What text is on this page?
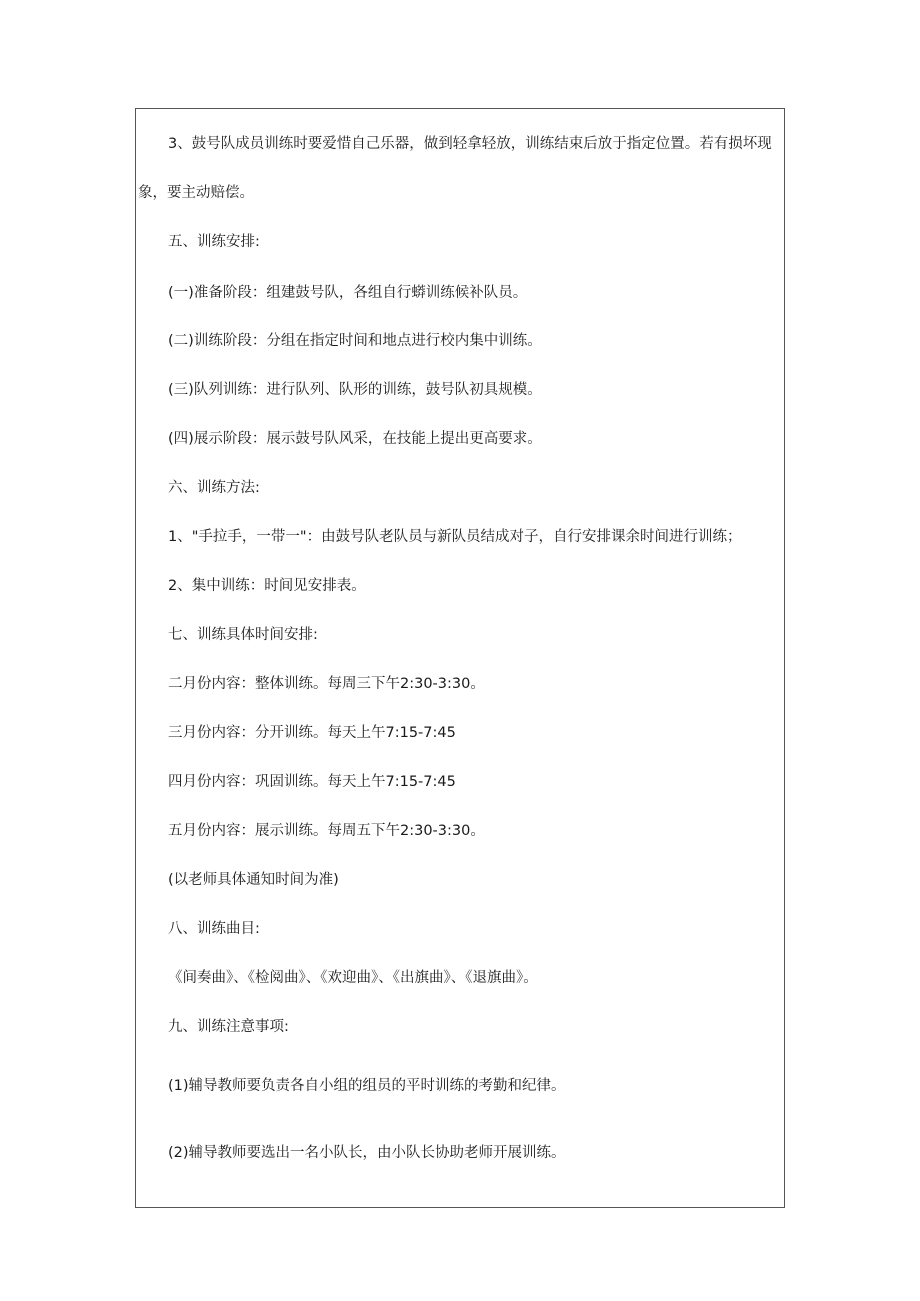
3、鼓号队成员训练时要爱惜自己乐器，做到轻拿轻放，训练结束后放于指定位置。若有损坏现

象，要主动赔偿。

五、训练安排:

(一)准备阶段：组建鼓号队，各组自行蟒训练候补队员。

(二)训练阶段：分组在指定时间和地点进行校内集中训练。

(三)队列训练：进行队列、队形的训练，鼓号队初具规模。

(四)展示阶段：展示鼓号队风采，在技能上提出更高要求。

六、训练方法:

1、"手拉手，一带一"：由鼓号队老队员与新队员结成对子，自行安排课余时间进行训练；

2、集中训练：时间见安排表。

七、训练具体时间安排:

二月份内容：整体训练。每周三下午2:30-3:30。

三月份内容：分开训练。每天上午7:15-7:45

四月份内容：巩固训练。每天上午7:15-7:45

五月份内容：展示训练。每周五下午2:30-3:30。

(以老师具体通知时间为准)

八、训练曲目:

《间奏曲》、《检阅曲》、《欢迎曲》、《出旗曲》、《退旗曲》。

九、训练注意事项:

(1)辅导教师要负责各自小组的组员的平时训练的考勤和纪律。

(2)辅导教师要选出一名小队长，由小队长协助老师开展训练。
